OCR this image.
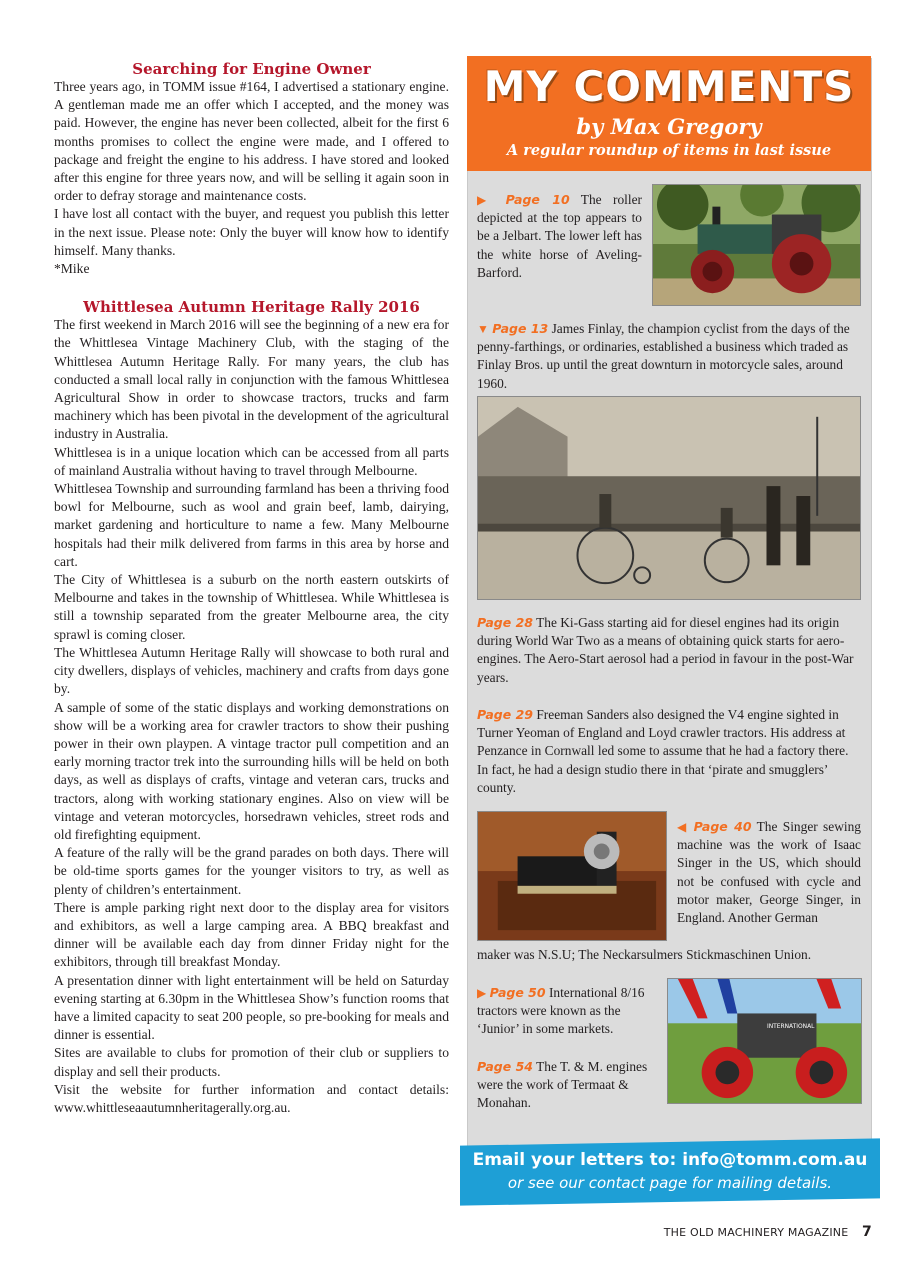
Searching for Engine Owner

Three years ago, in TOMM issue #164, I advertised a stationary engine. A gentleman made me an offer which I accepted, and the money was paid. However, the engine has never been collected, albeit for the first 6 months promises to collect the engine were made, and I offered to package and freight the engine to his address. I have stored and looked after this engine for three years now, and will be selling it again soon in order to defray storage and maintenance costs.

I have lost all contact with the buyer, and request you publish this letter in the next issue. Please note: Only the buyer will know how to identify himself. Many thanks.

*Mike

Whittlesea Autumn Heritage Rally 2016

The first weekend in March 2016 will see the beginning of a new era for the Whittlesea Vintage Machinery Club, with the staging of the Whittlesea Autumn Heritage Rally. For many years, the club has conducted a small local rally in conjunction with the famous Whittlesea Agricultural Show in order to showcase tractors, trucks and farm machinery which has been pivotal in the development of the agricultural industry in Australia.

Whittlesea is in a unique location which can be accessed from all parts of mainland Australia without having to travel through Melbourne.

Whittlesea Township and surrounding farmland has been a thriving food bowl for Melbourne, such as wool and grain beef, lamb, dairying, market gardening and horticulture to name a few. Many Melbourne hospitals had their milk delivered from farms in this area by horse and cart.

The City of Whittlesea is a suburb on the north eastern outskirts of Melbourne and takes in the township of Whittlesea. While Whittlesea is still a township separated from the greater Melbourne area, the city sprawl is coming closer.

The Whittlesea Autumn Heritage Rally will showcase to both rural and city dwellers, displays of vehicles, machinery and crafts from days gone by.

A sample of some of the static displays and working demonstrations on show will be a working area for crawler tractors to show their pushing power in their own playpen. A vintage tractor pull competition and an early morning tractor trek into the surrounding hills will be held on both days, as well as displays of crafts, vintage and veteran cars, trucks and tractors, along with working stationary engines. Also on view will be vintage and veteran motorcycles, horsedrawn vehicles, street rods and old firefighting equipment.

A feature of the rally will be the grand parades on both days. There will be old-time sports games for the younger visitors to try, as well as plenty of children’s entertainment.

There is ample parking right next door to the display area for visitors and exhibitors, as well a large camping area. A BBQ breakfast and dinner will be available each day from dinner Friday night for the exhibitors, through till breakfast Monday.

A presentation dinner with light entertainment will be held on Saturday evening starting at 6.30pm in the Whittlesea Show’s function rooms that have a limited capacity to seat 200 people, so pre-booking for meals and dinner is essential.

Sites are available to clubs for promotion of their club or suppliers to display and sell their products.

Visit the website for further information and contact details: www.whittleseaautumnheritagerally.org.au.

MY COMMENTS
by Max Gregory
A regular roundup of items in last issue
▶ Page 10 The roller depicted at the top appears to be a Jelbart. The lower left has the white horse of Aveling-Barford.
▼ Page 13 James Finlay, the champion cyclist from the days of the penny-farthings, or ordinaries, established a business which traded as Finlay Bros. up until the great downturn in motorcycle sales, around 1960.
Page 28 The Ki-Gass starting aid for diesel engines had its origin during World War Two as a means of obtaining quick starts for aero-engines. The Aero-Start aerosol had a period in favour in the post-War years.
Page 29 Freeman Sanders also designed the V4 engine sighted in Turner Yeoman of England and Loyd crawler tractors. His address at Penzance in Cornwall led some to assume that he had a factory there. In fact, he had a design studio there in that ‘pirate and smugglers’ county.
◀ Page 40 The Singer sewing machine was the work of Isaac Singer in the US, which should not be confused with cycle and motor maker, George Singer, in England. Another German
maker was N.S.U; The Neckarsulmers Stickmaschinen Union.
▶ Page 50 International 8/16 tractors were known as the ‘Junior’ in some markets.	INTERNATIONAL
Page 54 The T. & M. engines were the work of Termaat & Monahan.
Email your letters to: info@tomm.com.au
or see our contact page for mailing details.
THE OLD MACHINERY MAGAZINE 7
